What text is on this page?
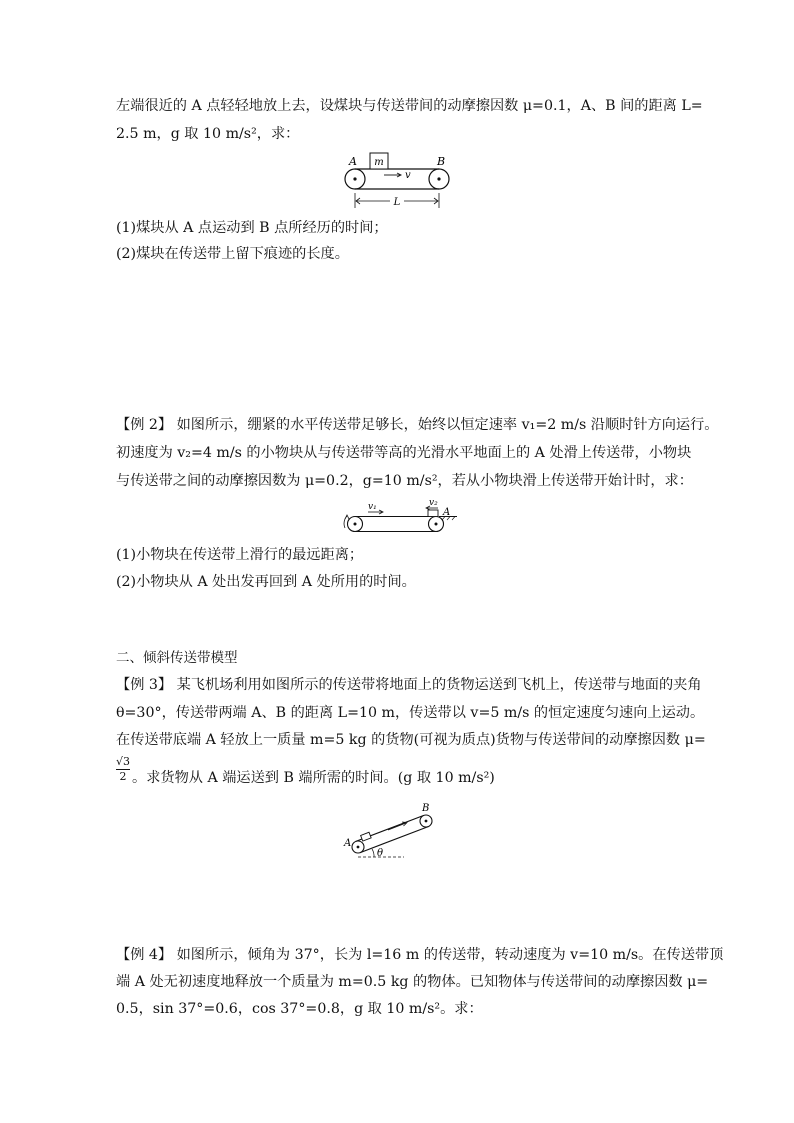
左端很近的 A 点轻轻地放上去，设煤块与传送带间的动摩擦因数 μ=0.1，A、B 间的距离 L=
2.5 m，g 取 10 m/s²，求：
m
A	B
v
L
(1)煤块从 A 点运动到 B 点所经历的时间；
(2)煤块在传送带上留下痕迹的长度。
【例 2】 如图所示，绷紧的水平传送带足够长，始终以恒定速率 v₁=2 m/s 沿顺时针方向运行。
初速度为 v₂=4 m/s 的小物块从与传送带等高的光滑水平地面上的 A 处滑上传送带，小物块
与传送带之间的动摩擦因数为 μ=0.2，g=10 m/s²，若从小物块滑上传送带开始计时，求：
v₁	v₂
A
(1)小物块在传送带上滑行的最远距离；
(2)小物块从 A 处出发再回到 A 处所用的时间。
二、倾斜传送带模型
【例 3】 某飞机场利用如图所示的传送带将地面上的货物运送到飞机上，传送带与地面的夹角
θ=30°，传送带两端 A、B 的距离 L=10 m，传送带以 v=5 m/s 的恒定速度匀速向上运动。
在传送带底端 A 轻放上一质量 m=5 kg 的货物(可视为质点)货物与传送带间的动摩擦因数 μ=
√3
2 。求货物从 A 端运送到 B 端所需的时间。(g 取 10 m/s²)
θ
A
B
【例 4】 如图所示，倾角为 37°，长为 l=16 m 的传送带，转动速度为 v=10 m/s。在传送带顶
端 A 处无初速度地释放一个质量为 m=0.5 kg 的物体。已知物体与传送带间的动摩擦因数 μ=
0.5，sin 37°=0.6，cos 37°=0.8，g 取 10 m/s²。求：
